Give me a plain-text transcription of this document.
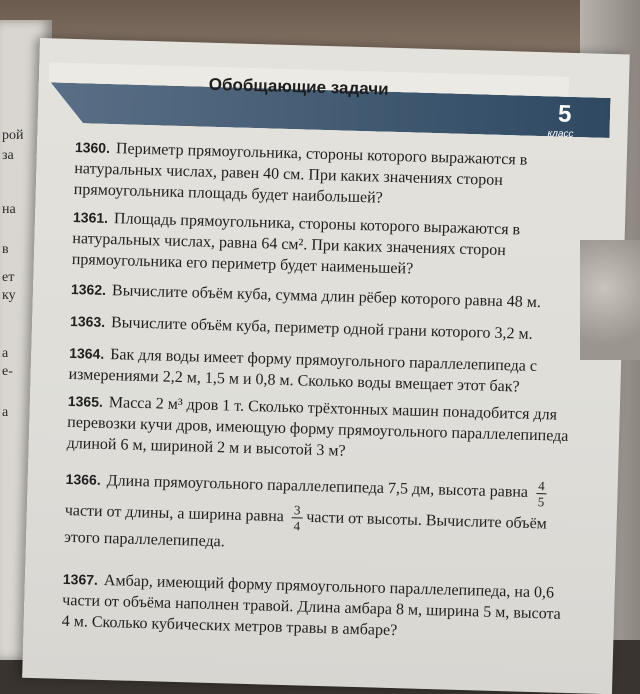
рой
за
на
в
ет
ку
а
е-
а
Обобщающие задачи
5
класс
1360. Периметр прямоугольника, стороны которого выражаются в натуральных числах, равен 40 см. При каких значениях сторон прямоугольника площадь будет наибольшей?
1361. Площадь прямоугольника, стороны которого выражаются в натуральных числах, равна 64 см². При каких значениях сторон прямоугольника его периметр будет наименьшей?
1362. Вычислите объём куба, сумма длин рёбер которого равна 48 м.
1363. Вычислите объём куба, периметр одной грани которого 3,2 м.
1364. Бак для воды имеет форму прямоугольного параллелепипеда с измерениями 2,2 м, 1,5 м и 0,8 м. Сколько воды вмещает этот бак?
1365. Масса 2 м³ дров 1 т. Сколько трёхтонных машин понадобится для перевозки кучи дров, имеющую форму прямоугольного параллелепипеда длиной 6 м, шириной 2 м и высотой 3 м?
1366. Длина прямоугольного параллелепипеда 7,5 дм, высота равна $\frac{4}{5}$
части от длины, а ширина равна $\frac{3}{4}$ части от высоты. Вычислите объём этого параллелепипеда.
1367. Амбар, имеющий форму прямоугольного параллелепипеда, на 0,6 части от объёма наполнен травой. Длина амбара 8 м, ширина 5 м, высота 4 м. Сколько кубических метров травы в амбаре?
